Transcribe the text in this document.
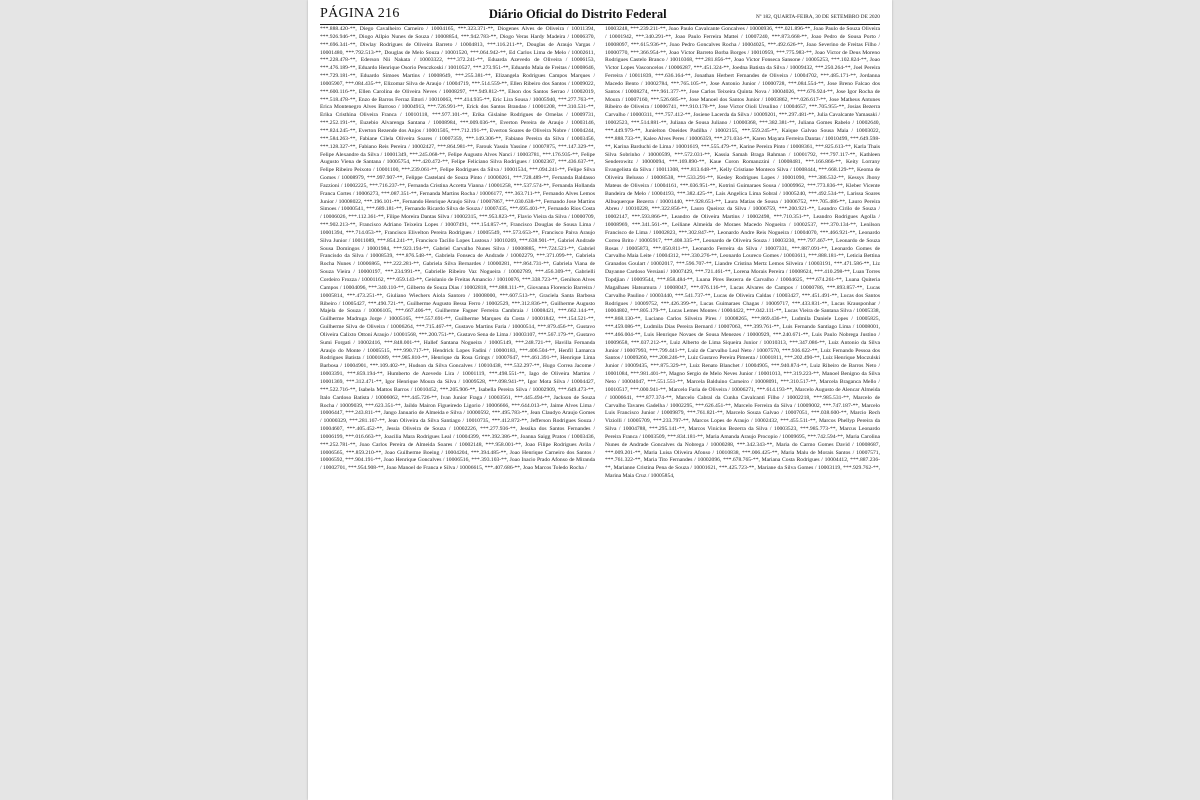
PÁGINA 216	Diário Oficial do Distrito Federal	Nº 182, QUARTA-FEIRA, 30 DE SETEMBRO DE 2020
***.888.420-**, Diego Cavalheiro Carneiro / 10004165, ***.323.371-**, Diogenes Alves de Oliveira / 10011394, ***.926.946-**, Diogo Allpio Nunes de Souza / 10008854, ***.942.783-**, Diogo Veras Hardy Madeira / 10006370, ***.696.341-**, Diwlay Rodrigues de Oliveira Barreto / 10004813, ***.116.211-**, Douglas de Araujo Vargas / 10001480, ***.792.513-**, Douglas de Melo Souza / 10001520, ***.064.942-**, Ed Carlos Lima de Melo / 10002611, ***.228.478-**, Ederson Nii Nakata / 10003322, ***.372.241-**, Eduarda Azevedo de Oliveira / 10006153, ***.476.189-**, Eduardo Henrique Osorio Penczkoski / 10010527, ***.273.951-**, Eduardo Maia de Freitas / 10008646, ***.729.181-**, Eduardo Simoes Martins / 10008649, ***.255.381-**, Elizangela Rodrigues Campos Marques / 10005907, ***.084.435-**, Elizomar Silva de Araujo / 10004719, ***.514.559-**, Ellen Ribeiro dos Santos / 10009022, ***.600.116-**, Ellen Carolina de Oliveira Neves / 10008297, ***.949.812-**, Elson dos Santos Serrao / 10002019, ***.518.478-**, Enzo de Barros Ferraz Ettori / 10010063, ***.414.935-**, Eric Lira Sousa / 10005940, ***.277.763-**, Erica Montenegro Alves Barroso / 10004913, ***.726.991-**, Erick dos Santos Brandao / 10001208, ***.310.531-**, Erika Cristhina Oliveira Franca / 10010118, ***.977.101-**, Erika Gislaine Rodrigues de Ornelas / 10009731, ***.252.191-**, Euzebio Alvarenga Santana / 10008984, ***.009.036-**, Everton Pereira de Araujo / 10003146, ***.824.245-**, Everton Rezende dos Anjos / 10001505, ***.712.191-**, Everton Soares de Oliveira Nobre / 10004244, ***.584.263-**, Fabiane Cilela Oliveira Soares / 10007359, ***.149.306-**, Fabiano Pereira da Silva / 10003456, ***.128.327-**, Fabiano Reis Pereira / 10002427, ***.864.981-**, Farouk Yassin Yassine / 10007875, ***.147.329-**, Felipe Alexandre da Silva / 10001349, ***.245.068-**, Felipe Augusto Alves Nanci / 10003781, ***.176.935-**, Felipe Augusto Viena de Santana / 10005754, ***.420.472-**, Felipe Feliciano Silva Rodrigues / 10002367, ***.436.637-**, Felipe Ribeiro Peixoto / 10001100, ***.239.061-**, Felipe Rodrigues da Silva / 10001534, ***.094.241-**, Felipe Silva Gomes / 10008979, ***.997.907-**, Felippe Castelani de Souza Pinto / 10000261, ***.728.489-**, Fernanda Baldasso Fazzioni / 10002225, ***.716.237-**, Fernanda Cristina Accetta Vianna / 10001258, ***.537.574-**, Fernanda Hollanda Franca Cortes / 10006273, ***.087.351-**, Fernanda Martins Rocha / 10006177, ***.363.711-**, Fernando Alves Lemos Junior / 10008022, ***.196.101-**, Fernando Henrique Araujo Silva / 10007867, ***.030.638-**, Fernando Jose Martins Simoes / 10000541, ***.689.181-**, Fernando Ricardo Silva de Souza / 10007435, ***.695.401-**, Fernando Rios Costa / 10006026, ***.112.361-**, Filipe Moreira Dantas Silva / 10002315, ***.953.823-**, Flavio Vieira da Silva / 10000709, ***.902.213-**, Francisco Adriano Teixeira Lopes / 10007491, ***.154.857-**, Francisco Douglas de Sousa Lima / 10001394, ***.714.053-**, Francisco Elivelton Pereira Rodrigues / 10005549, ***.573.653-**, Francisco Paiva Araujo Silva Junior / 10011089, ***.854.241-**, Francisco Tacilio Lopes Lustosa / 10010269, ***.638.901-**, Gabriel Andrade Sousa Domingos / 10001984, ***.923.194-**, Gabriel Carvalho Nunes Silva / 10008885, ***.724.521-**, Gabriel Francisdo da Silva / 10008539, ***.876.548-**, Gabriela Fonseca de Andrade / 10002279, ***.371.099-**, Gabriela Rocha Nunes / 10006865, ***.222.281-**, Gabriela Silva Bernardes / 10000281, ***.864.731-**, Gabriela Viana de Souza Vieira / 10000197, ***.234.991-**, Gabrielle Ribeiro Vaz Nogueira / 10002789, ***.456.309-**, Gabrielli Cordeiro Frozza / 10001162, ***.059.143-**, Geislanio de Freitas Amancio / 10010076, ***.338.723-**, Genilson Alves Campos / 10004096, ***.340.110-**, Gilberto de Souza Dias / 10002818, ***.888.111-**, Giovanna Florencio Barreira / 10005814, ***.473.251-**, Giuliano Wiechers Aiola Santoro / 10008000, ***.607.513-**, Graciela Santa Barbosa Ribeiro / 10005427, ***.490.721-**, Guilherme Augusto Bessa Ferro / 10002529, ***.312.836-**, Guilherme Augusto Majela de Souza / 10006105, ***.667.406-**, Guilherme Fagner Ferreira Cambraia / 10008421, ***.662.144-**, Guilherme Madruga Jorge / 10005165, ***.557.691-**, Guilherme Marques da Costa / 10001842, ***.154.521-**, Guilherme Silva de Oliveira / 10006264, ***.715.467-**, Gustavo Martins Faria / 10000514, ***.879.456-**, Gustavo Oliveira Calixto Ottoni Araujo / 10001568, ***.200.751-**, Gustavo Sena de Lima / 10003107, ***.567.179-**, Gustavo Sumi Forgati / 10002416, ***.848.001-**, Hallef Santana Nogueira / 10005149, ***.248.721-**, Havilla Fernanda Araujo do Monte / 10005515, ***.990.717-**, Hendrick Lopes Fadini / 10000183, ***.406.504-**, Henfil Lamarca Rodrigues Batista / 10001089, ***.985.810-**, Henrique da Rosa Grings / 10007647, ***.461.391-**, Henrique Lima Barbosa / 10004901, ***.109.402-**, Hudson da Silva Goncalves / 10010438, ***.532.297-**, Hugo Correa Jacome / 10003391, ***.859.194-**, Humberto de Azevedo Lira / 10001119, ***.498.551-**, Iago de Oliveira Martins / 10001369, ***.312.471-**, Igor Henrique Moura da Silva / 10009528, ***.098.941-**, Igor Mota Silva / 10004427, ***.522.716-**, Isabela Mattos Barros / 10010452, ***.205.906-**, Isabella Pereira Silva / 10002909, ***.649.473-**, Italo Cardoso Batista / 10006062, ***.445.726-**, Ivan Junior Fraga / 10003561, ***.445.494-**, Jackson de Souza Rocha / 10009039, ***.623.351-**, Jaildo Mairon Figueiredo Ligorio / 10006666, ***.644.013-**, Jaime Alves Lima / 10006447, ***.243.811-**, Jango Januario de Almeida e Silva / 10000592, ***.495.783-**, Jean Claudyo Araujo Gomes / 10000329, ***.281.167-**, Jean Oliveira da Silva Santiago / 10010735, ***.412.872-**, Jefferson Rodrigues Souza / 10004607, ***.405.452-**, Jessia Oliveira de Souza / 10002226, ***.277.936-**, Jessika dos Santos Fernandes / 10006199, ***.016.663-**, Joacilia Mara Rodrigues Leal / 10004399, ***.392.386-**, Joanna Saigg Pratos / 10003436, ***.252.781-**, Joao Carlos Pereira de Almeida Soares / 10002148, ***.958.001-**, Joao Filipe Rodrigues Avila / 10006565, ***.859.210-**, Joao Guilherme Boeing / 10004204, ***.394.485-**, Joao Henrique Carneiro dos Santos / 10006592, ***.904.191-**, Joao Henrique Goncalves / 10006516, ***.393.103-**, Joao Inacio Prado Afonso de Miranda / 10002701, ***.954.908-**, Joao Manoel de Franca e Silva / 10006615, ***.407.686-**, Joao Marcos Toledo Rocha /
10003248, ***.239.211-**, Joao Paulo Cavalcante Goncalves / 10000936, ***.021.896-**, Joao Paulo de Souza Oliveira / 10001942, ***.340.291-**, Joao Paulo Ferreira Mattei / 10007240, ***.873.668-**, Joao Pedro de Sousa Porto / 10008097, ***.615.936-**, Joao Pedro Goncalves Rocha / 10004025, ***.492.626-**, Joao Severino de Freitas Filho / 10000770, ***.366.954-**, Joao Victor Barreto Borba Borges / 10010959, ***.775.983-**, Joao Victor de Deus Moreno Rodrigues Castelo Branco / 10010368, ***.281.856-**, Joao Victor Fonseca Sansone / 10005253, ***.102.824-**, Joao Victor Lopes Vasconcelos / 10006287, ***.451.324-**, Joedna Batista da Silva / 10009432, ***.250.264-**, Joel Pereira Ferreira / 10011839, ***.636.164-**, Jonathan Herbert Fernandes de Oliveira / 10004702, ***.485.171-**, Jordanna Macedo Bento / 10002784, ***.765.105-**, Jose Antonio Junior / 10000728, ***.084.554-**, Jose Breno Falcao dos Santos / 10008274, ***.961.377-**, Jose Carlos Teixeira Quinta Nova / 10004026, ***.676.924-**, Jose Igor Rocha de Moura / 10007160, ***.526.685-**, Jose Manoel dos Santos Junior / 10003862, ***.026.617-**, Jose Matheus Antunes Ribeiro de Oliveira / 10006741, ***.910.178-**, Jose Victor Oioli Ursulino / 10004657, ***.705.955-**, Josias Bezerra Carvalho / 10000311, ***.757.412-**, Josiene Lacerda da Silva / 10009201, ***.297.481-**, Julia Cavalcante Yamasaki / 10002523, ***.514.881-**, Juliana de Sousa Juliano / 10000368, ***.382.381-**, Juliana Gomes Rabelo / 10002640, ***.449.979-**, Junielton Oneides Padilha / 10002155, ***.559.245-**, Kaique Galvao Sousa Maia / 10003022, ***.888.733-**, Kaleo Alves Peres / 10006359, ***.271.034-**, Karen Mayara Ferreira Dantas / 10010499, ***.649.598-**, Karina Barduchi de Lima / 10001619, ***.555.479-**, Karine Pereira Pinto / 10008361, ***.825.613-**, Karla Thais Silva Sobrinho / 10000599, ***.572.031-**, Kassia Samah Braga Rahman / 10001792, ***.797.117-**, Kathleen Senderowitz / 10000094, ***.169.890-**, Kaue Coron Romanzzini / 10008481, ***.166.866-**, Keity Lorrany Evangelista da Silva / 10011308, ***.813.648-**, Kelly Cristiane Monteco Silva / 10008444, ***.668.129-**, Keoma de Oliveira Belusso / 10008538, ***.533.291-**, Kesley Rodrigues Lopes / 10001090, ***.386.532-**, Kessys Jhony Mateus de Oliveira / 10004161, ***.036.951-**, Kotrini Guimaraes Sousa / 10009962, ***.773.836-**, Kleber Vicente Bandeira de Melo / 10004193, ***.382.425-**, Lais Angelica Lima Sobral / 10005240, ***.492.534-**, Larissa Soares Albuquerque Bezerra / 10001440, ***.928.651-**, Laura Matias de Sousa / 10006752, ***.705.486-**, Lauro Pereira Abreu / 10010228, ***.322.856-**, Lauro Queiroz da Silva / 10006759, ***.200.921-**, Leandro Cirilo de Souza / 10002147, ***.593.866-**, Leandro de Oliveira Martins / 10002498, ***.710.351-**, Leandro Rodrigues Agolla / 10008969, ***.341.561-**, Leiliane Almeida de Moraes Macedo Nogueira / 10002537, ***.370.134-**, Lenilson Francisco de Lima / 10002823, ***.302.847-**, Leonardo Andre Reis Nogueira / 10004070, ***.466.921-**, Leonardo Correa Brito / 10005917, ***.408.335-**, Leonardo de Oliveira Souza / 10003230, ***.797.467-**, Leonardo de Souza Rosas / 10005873, ***.050.811-**, Leonardo Ferreira da Silva / 10007331, ***.887.091-**, Leonardo Gomes de Carvalho Maia Leite / 10004312, ***.330.276-**, Leonardo Loureco Gomes / 10003611, ***.888.181-**, Leticia Bettina Granados Goulart / 10002017, ***.596.707-**, Liandre Cristina Mertz Lemos Silveira / 10003191, ***.471.586-**, Liz Dayanne Cardoso Versiani / 10007429, ***.721.461-**, Lorena Morais Pereira / 10008624, ***.410.298-**, Luan Torres Topdjian / 10009544, ***.858.484-**, Luana Pires Bezerra de Carvalho / 10004625, ***.674.261-**, Luana Quiteria Magalhaes Hatsumura / 10008047, ***.076.116-**, Lucas Alvares de Campos / 10000786, ***.893.857-**, Lucas Carvalho Paulino / 10003440, ***.541.737-**, Lucas de Oliveira Caldas / 10003427, ***.451.491-**, Lucas dos Santos Rodrigues / 10009752, ***.426.399-**, Lucas Guimaraes Chagas / 10009717, ***.433.831-**, Lucas Krausponhar / 10004802, ***.805.179-**, Lucas Lemes Montes / 10004422, ***.042.111-**, Lucas Vieira de Santana Silva / 10005338, ***.868.130-**, Luciano Carlos Silveira Pires / 10008265, ***.869.436-**, Ludmila Daniele Lopes / 10005825, ***.459.086-**, Ludmila Dias Pereira Bernard / 10007063, ***.399.761-**, Luis Fernando Santiago Lima / 10008001, ***.466.004-**, Luis Henrique Novaes de Sousa Menezes / 10000929, ***.240.671-**, Luis Paulo Nobrega Justino / 10009658, ***.037.212-**, Luiz Alberto de Lima Siqueira Junior / 10010313, ***.347.086-**, Luiz Antonio da Silva Junior / 10007993, ***.799.441-**, Luiz de Carvalho Leal Neto / 10007570, ***.936.622-**, Luiz Fernando Pessoa dos Santos / 10009260, ***.208.246-**, Luiz Gustavo Pereira Pimenta / 10001811, ***.202.490-**, Luiz Henrique Moczulski Junior / 10009435, ***.875.329-**, Luiz Renato Blanchet / 10004905, ***.940.874-**, Luiz Ribeiro de Barros Neto / 10001084, ***.981.401-**, Magno Sergio de Melo Neves Junior / 10001013, ***.319.223-**, Manoel Benigno da Silva Neto / 10004047, ***.551.551-**, Marcela Balduino Carneiro / 10008091, ***.310.517-**, Marcela Braganca Mello / 10010517, ***.000.941-**, Marcelo Faria de Oliveira / 10006271, ***.614.193-**, Marcelo Augusto de Alencar Almeida / 10006641, ***.877.374-**, Marcelo Cabral da Cunha Cavalcanti Filho / 10002218, ***.985.531-**, Marcelo de Carvalho Tavares Gadelha / 10002295, ***.626.451-**, Marcelo Ferreira da Silva / 10009002, ***.747.187-**, Marcelo Luis Francisco Junior / 10009879, ***.761.821-**, Marcelo Souza Galvao / 10007051, ***.038.600-**, Marcio Rech Viziolli / 10005709, ***.233.797-**, Marcos Lopes de Araujo / 10002432, ***.455.511-**, Marcos Phellyp Pereira da Silva / 10004788, ***.295.141-**, Marcos Vinicius Bezerra da Silva / 10003523, ***.985.773-**, Marcus Leonardo Pereira Franca / 10003509, ***.834.181-**, Maria Amanda Araujo Procopio / 10009695, ***.742.594-**, Maria Carolina Nunes de Andrade Goncalves da Nobrega / 10000288, ***.342.343-**, Maria do Carmo Gomes David / 10008687, ***.009.201-**, Maria Luisa Oliveira Afonso / 10010838, ***.006.425-**, Maria Malu de Morais Santos / 10007571, ***.761.322-**, Maria Tito Fernandes / 10002096, ***.678.765-**, Mariana Costa Rodrigues / 10004412, ***.887.236-**, Marianne Cristina Pena de Souza / 10001621, ***.425.723-**, Mariane da Silva Gomes / 10003119, ***.929.762-**, Marina Maia Cruz / 10005854,
